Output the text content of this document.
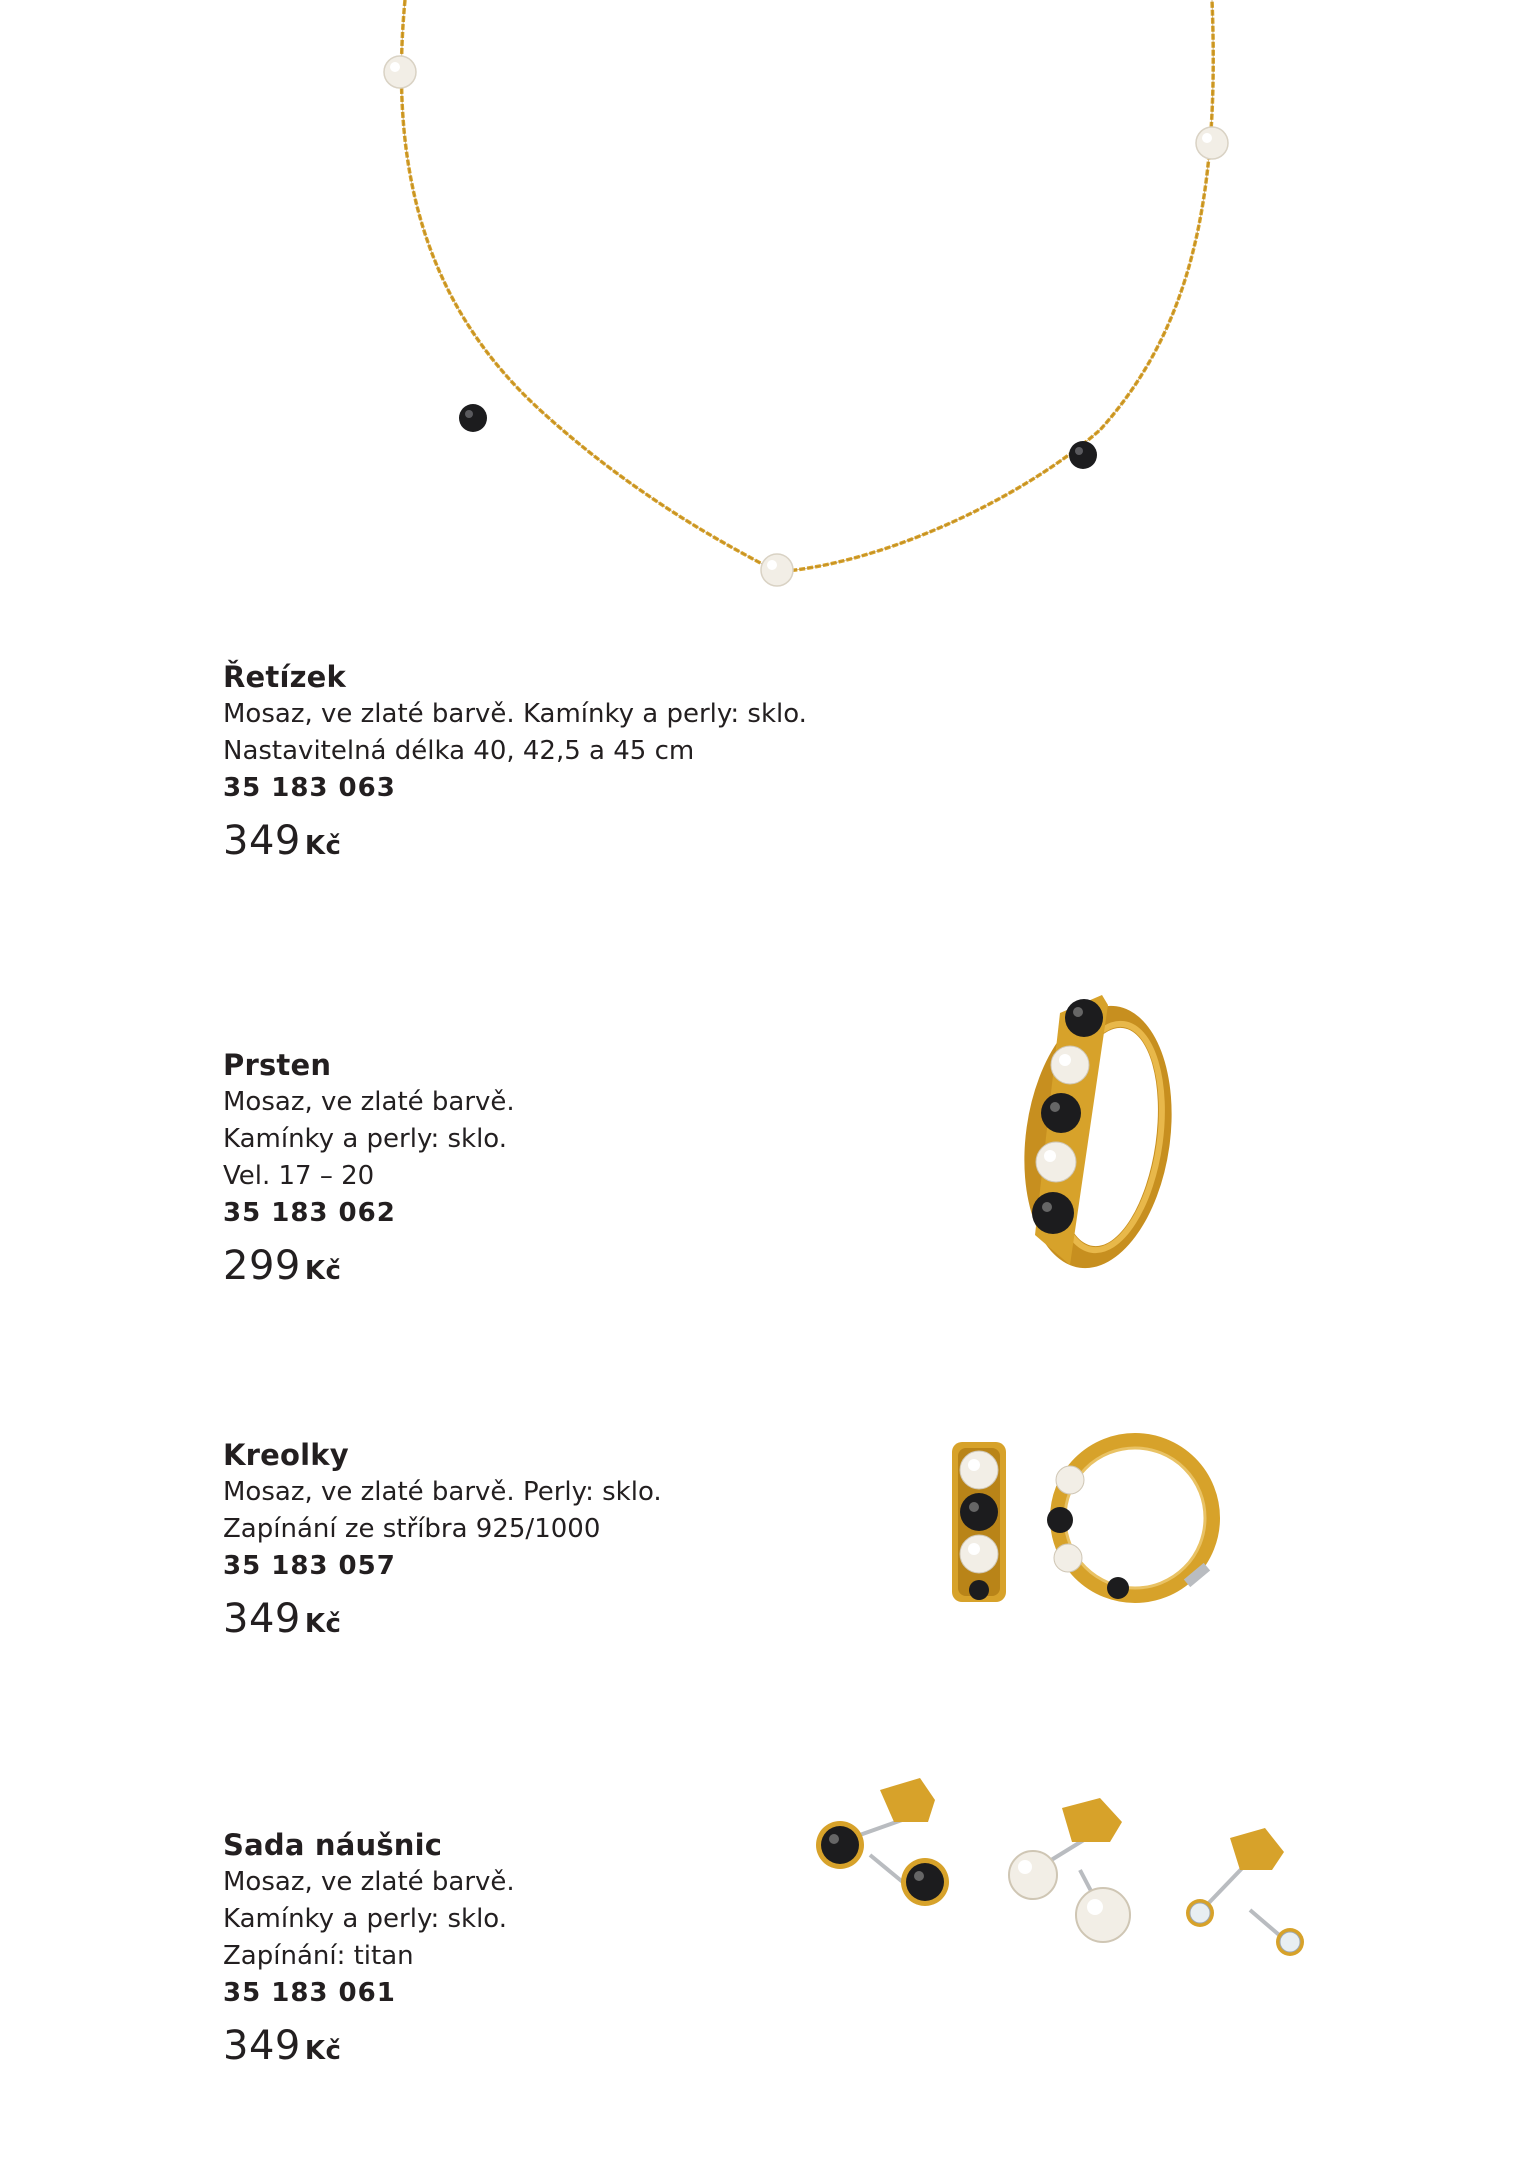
Řetízek
Mosaz, ve zlaté barvě. Kamínky a perly: sklo.
Nastavitelná délka 40, 42,5 a 45 cm
35 183 063
349 Kč
Prsten
Mosaz, ve zlaté barvě.
Kamínky a perly: sklo.
Vel. 17 – 20
35 183 062
299 Kč
Kreolky
Mosaz, ve zlaté barvě. Perly: sklo.
Zapínání ze stříbra 925/1000
35 183 057
349 Kč
Sada náušnic
Mosaz, ve zlaté barvě.
Kamínky a perly: sklo.
Zapínání: titan
35 183 061
349 Kč
